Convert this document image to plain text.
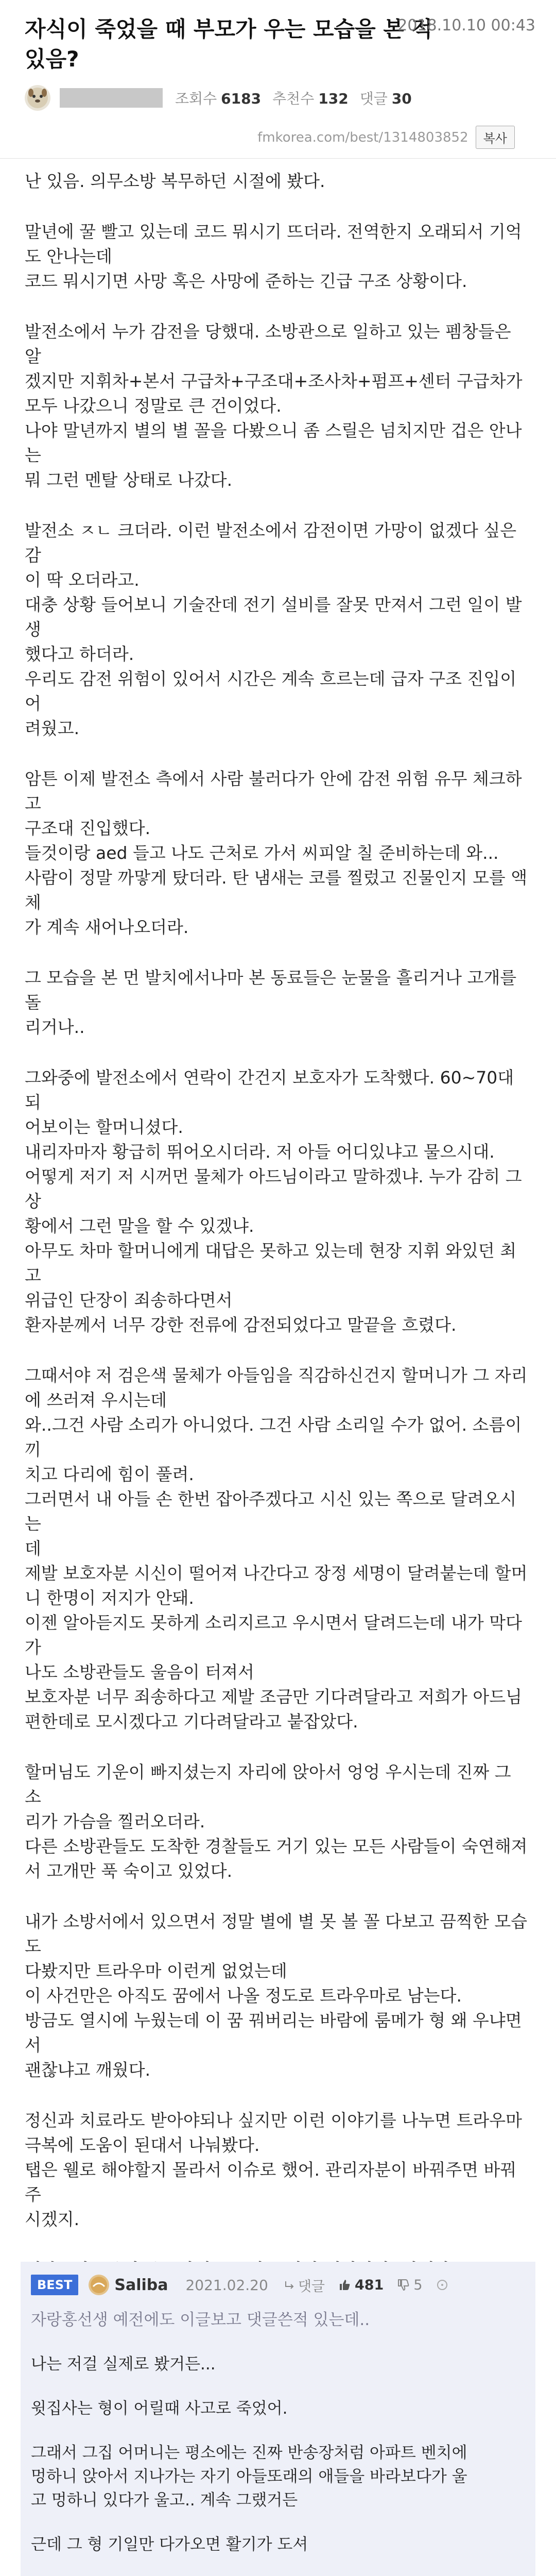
자식이 죽었을 때 부모가 우는 모습을 본 적 있음?
2018.10.10 00:43
조회수 6183 추천수 132 댓글 30
fmkorea.com/best/1314803852	복사

난 있음. 의무소방 복무하던 시절에 봤다.

말년에 꿀 빨고 있는데 코드 뭐시기 뜨더라. 전역한지 오래되서 기억도 안나는데
코드 뭐시기면 사망 혹은 사망에 준하는 긴급 구조 상황이다.

발전소에서 누가 감전을 당했대. 소방관으로 일하고 있는 펨창들은 알
겠지만 지휘차+본서 구급차+구조대+조사차+펌프+센터 구급차가
모두 나갔으니 정말로 큰 건이었다.
나야 말년까지 별의 별 꼴을 다봤으니 좀 스릴은 넘치지만 겁은 안나는
뭐 그런 멘탈 상태로 나갔다.

발전소 ㅈㄴ 크더라. 이런 발전소에서 감전이면 가망이 없겠다 싶은 감
이 딱 오더라고.
대충 상황 들어보니 기술잔데 전기 설비를 잘못 만져서 그런 일이 발생
했다고 하더라.
우리도 감전 위험이 있어서 시간은 계속 흐르는데 급자 구조 진입이 어
려웠고.

암튼 이제 발전소 측에서 사람 불러다가 안에 감전 위험 유무 체크하고
구조대 진입했다.
들것이랑 aed 들고 나도 근처로 가서 씨피알 칠 준비하는데 와...
사람이 정말 까맣게 탔더라. 탄 냄새는 코를 찔렀고 진물인지 모를 액체
가 계속 새어나오더라.

그 모습을 본 먼 발치에서나마 본 동료들은 눈물을 흘리거나 고개를 돌
리거나..

그와중에 발전소에서 연락이 간건지 보호자가 도착했다. 60~70대 되
어보이는 할머니셨다.
내리자마자 황급히 뛰어오시더라. 저 아들 어디있냐고 물으시대.
어떻게 저기 저 시꺼먼 물체가 아드님이라고 말하겠냐. 누가 감히 그 상
황에서 그런 말을 할 수 있겠냐.
아무도 차마 할머니에게 대답은 못하고 있는데 현장 지휘 와있던 최고
위급인 단장이 죄송하다면서
환자분께서 너무 강한 전류에 감전되었다고 말끝을 흐렸다.

그때서야 저 검은색 물체가 아들임을 직감하신건지 할머니가 그 자리
에 쓰러져 우시는데
와..그건 사람 소리가 아니었다. 그건 사람 소리일 수가 없어. 소름이 끼
치고 다리에 힘이 풀려.
그러면서 내 아들 손 한번 잡아주겠다고 시신 있는 쪽으로 달려오시는
데
제발 보호자분 시신이 떨어져 나간다고 장정 세명이 달려붙는데 할머
니 한명이 저지가 안돼.
이젠 알아듣지도 못하게 소리지르고 우시면서 달려드는데 내가 막다가
나도 소방관들도 울음이 터져서
보호자분 너무 죄송하다고 제발 조금만 기다려달라고 저희가 아드님
편한데로 모시겠다고 기다려달라고 붙잡았다.

할머님도 기운이 빠지셨는지 자리에 앉아서 엉엉 우시는데 진짜 그 소
리가 가슴을 찔러오더라.
다른 소방관들도 도착한 경찰들도 거기 있는 모든 사람들이 숙연해져
서 고개만 푹 숙이고 있었다.

내가 소방서에서 있으면서 정말 별에 별 못 볼 꼴 다보고 끔찍한 모습도
다봤지만 트라우마 이런게 없었는데
이 사건만은 아직도 꿈에서 나올 정도로 트라우마로 남는다.
방금도 열시에 누웠는데 이 꿈 꿔버리는 바람에 룸메가 형 왜 우냐면서
괜찮냐고 깨웠다.

정신과 치료라도 받아야되나 싶지만 이런 이야기를 나누면 트라우마
극복에 도움이 된대서 나눠봤다.
탭은 웰로 해야할지 몰라서 이슈로 했어. 관리자분이 바꿔주면 바꿔주
시겠지.

BEST	Saliba 2021.02.20 댓글 481 5

자랑홍선생 예전에도 이글보고 댓글쓴적 있는데..

나는 저걸 실제로 봤거든...

윗집사는 형이 어릴때 사고로 죽었어.

그래서 그집 어머니는 평소에는 진짜 반송장처럼 아파트 벤치에
멍하니 앉아서 지나가는 자기 아들또래의 애들을 바라보다가 울
고 멍하니 있다가 울고.. 계속 그랬거든

근데 그 형 기일만 다가오면 활기가 도셔
